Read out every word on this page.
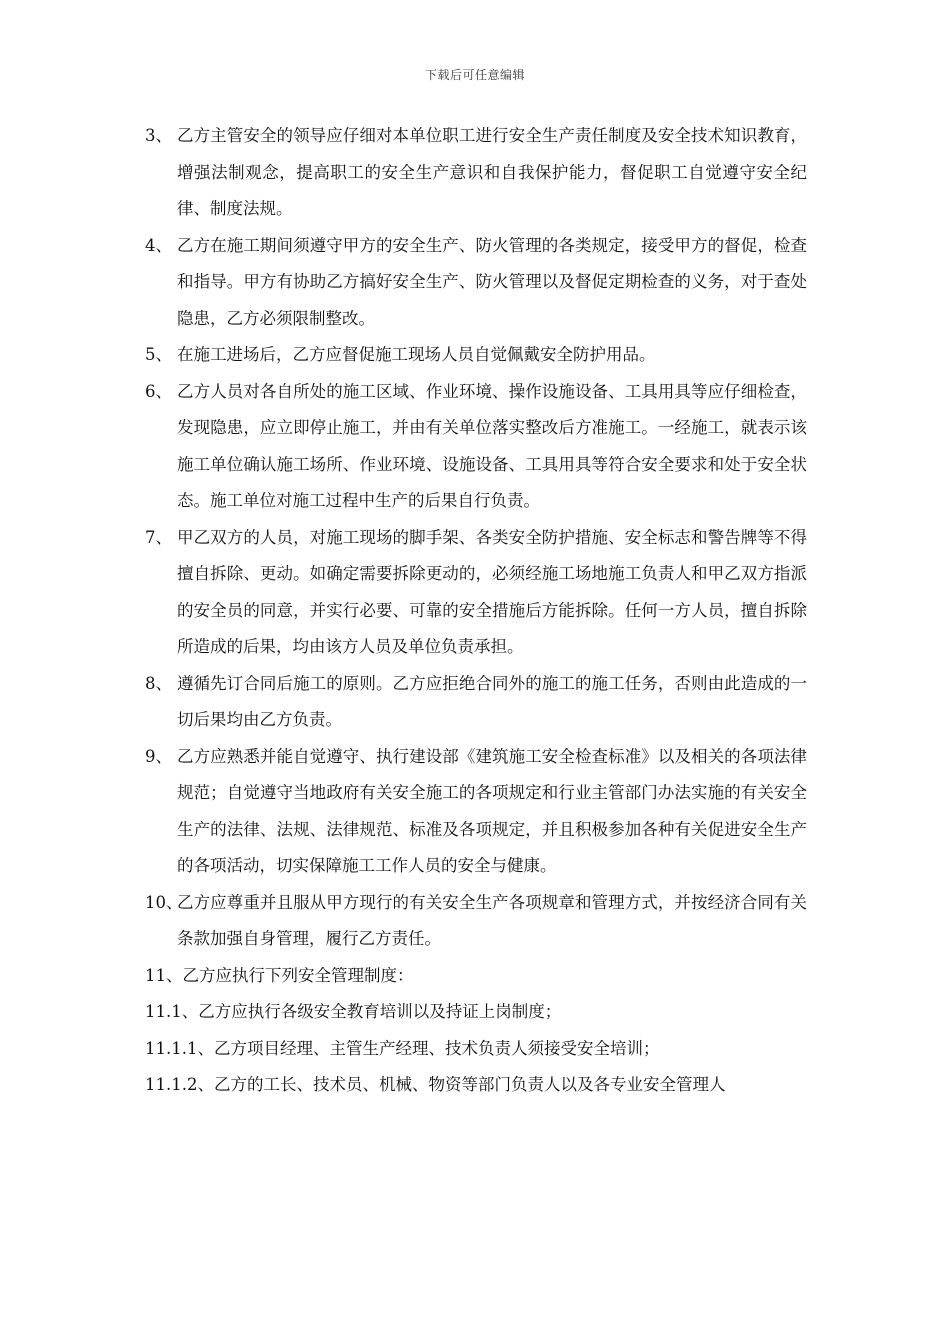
下载后可任意编辑
3、 乙方主管安全的领导应仔细对本单位职工进行安全生产责任制度及安全技术知识教育，增强法制观念，提高职工的安全生产意识和自我保护能力，督促职工自觉遵守安全纪律、制度法规。
4、 乙方在施工期间须遵守甲方的安全生产、防火管理的各类规定，接受甲方的督促，检查和指导。甲方有协助乙方搞好安全生产、防火管理以及督促定期检查的义务，对于查处隐患，乙方必须限制整改。
5、 在施工进场后，乙方应督促施工现场人员自觉佩戴安全防护用品。
6、 乙方人员对各自所处的施工区域、作业环境、操作设施设备、工具用具等应仔细检查，发现隐患，应立即停止施工，并由有关单位落实整改后方准施工。一经施工，就表示该施工单位确认施工场所、作业环境、设施设备、工具用具等符合安全要求和处于安全状态。施工单位对施工过程中生产的后果自行负责。
7、 甲乙双方的人员，对施工现场的脚手架、各类安全防护措施、安全标志和警告牌等不得擅自拆除、更动。如确定需要拆除更动的，必须经施工场地施工负责人和甲乙双方指派的安全员的同意，并实行必要、可靠的安全措施后方能拆除。任何一方人员，擅自拆除所造成的后果，均由该方人员及单位负责承担。
8、 遵循先订合同后施工的原则。乙方应拒绝合同外的施工的施工任务，否则由此造成的一切后果均由乙方负责。
9、 乙方应熟悉并能自觉遵守、执行建设部《建筑施工安全检查标准》以及相关的各项法律规范；自觉遵守当地政府有关安全施工的各项规定和行业主管部门办法实施的有关安全生产的法律、法规、法律规范、标准及各项规定，并且积极参加各种有关促进安全生产的各项活动，切实保障施工工作人员的安全与健康。
10、
乙方应尊重并且服从甲方现行的有关安全生产各项规章和管理方式，并按经济合同有关条款加强自身管理，履行乙方责任。
11、乙方应执行下列安全管理制度：
11.1、乙方应执行各级安全教育培训以及持证上岗制度；
11.1.1、乙方项目经理、主管生产经理、技术负责人须接受安全培训；
11.1.2、乙方的工长、技术员、机械、物资等部门负责人以及各专业安全管理人
